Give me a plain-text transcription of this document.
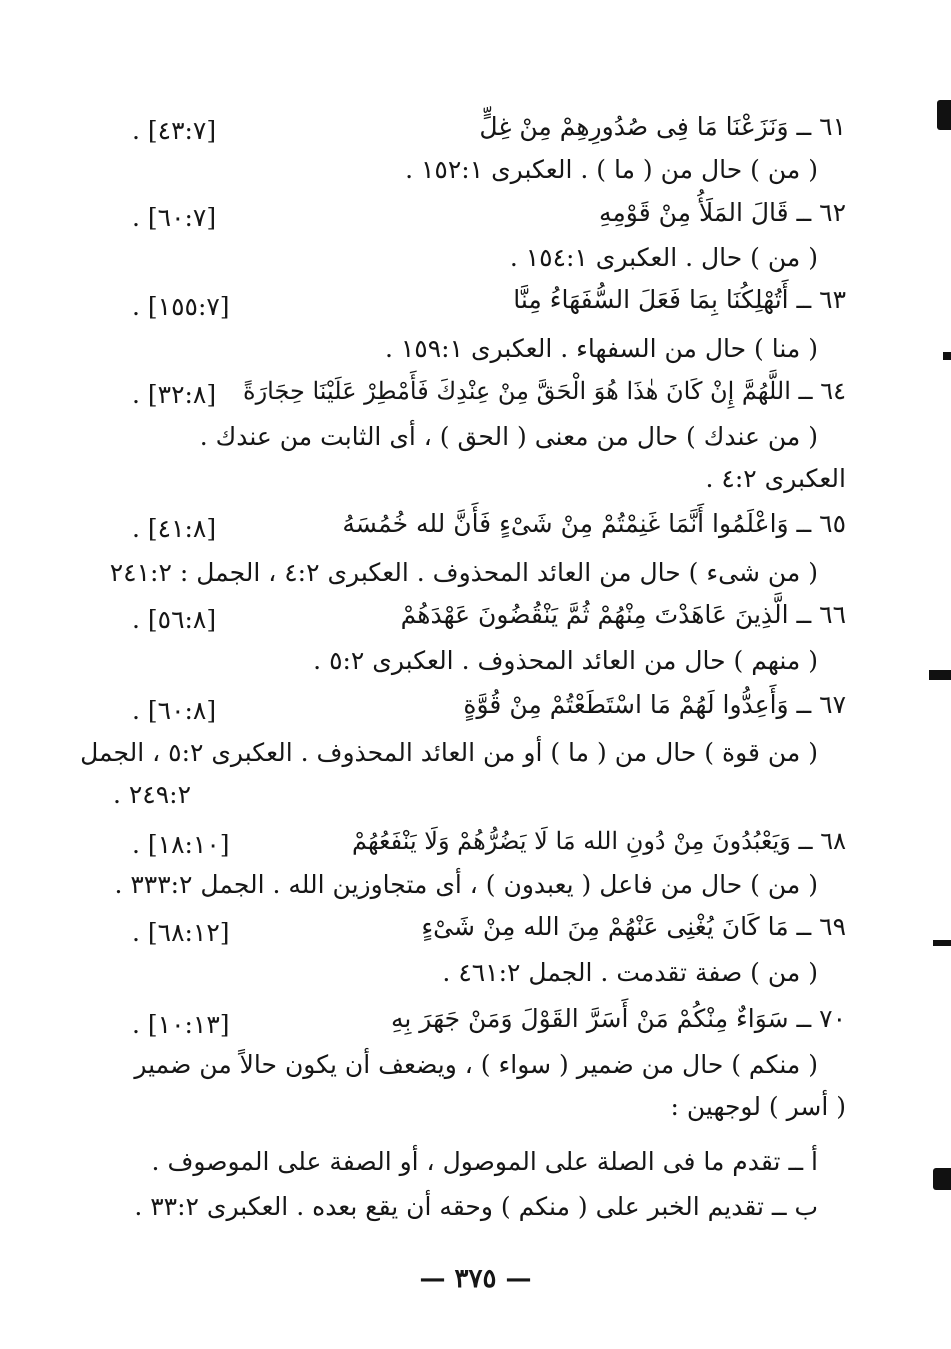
٦١ ــ وَنَزَعْنَا مَا فِى صُدُورِهِمْ مِنْ غِلٍّ
. [٤٣:٧]
( من ) حال من ( ما ) . العكبرى ١٥٢:١ .
٦٢ ــ قَالَ المَلَأُ مِنْ قَوْمِهِ
. [٦٠:٧]
( من ) حال . العكبرى ١٥٤:١ .
٦٣ ــ أَتُهْلِكُنَا بِمَا فَعَلَ السُّفَهَاءُ مِنَّا
. [١٥٥:٧]
( منا ) حال من السفهاء . العكبرى ١٥٩:١ .
٦٤ ــ اللَّهُمَّ إِنْ كَانَ هٰذَا هُوَ الْحَقَّ مِنْ عِنْدِكَ فَأَمْطِرْ عَلَيْنَا حِجَارَةً
. [٣٢:٨]
( من عندك ) حال من معنى ( الحق ) ، أى الثابت من عندك .
العكبرى ٤:٢ .
٦٥ ــ وَاعْلَمُوا أَنَّمَا غَنِمْتُمْ مِنْ شَىْءٍ فَأَنَّ لله خُمُسَهُ
. [٤١:٨]
( من شىء ) حال من العائد المحذوف . العكبرى ٤:٢ ، الجمل : ٢٤١:٢
٦٦ ــ الَّذِينَ عَاهَدْتَ مِنْهُمْ ثُمَّ يَنْقُضُونَ عَهْدَهُمْ
. [٥٦:٨]
( منهم ) حال من العائد المحذوف . العكبرى ٥:٢ .
٦٧ ــ وَأَعِدُّوا لَهُمْ مَا اسْتَطَعْتُمْ مِنْ قُوَّةٍ
. [٦٠:٨]
( من قوة ) حال من ( ما ) أو من العائد المحذوف . العكبرى ٥:٢ ، الجمل
٢٤٩:٢ .
٦٨ ــ وَيَعْبُدُونَ مِنْ دُونِ الله مَا لَا يَضُرُّهُمْ وَلَا يَنْفَعُهُمْ
. [١٨:١٠]
( من ) حال من فاعل ( يعبدون ) ، أى متجاوزين الله . الجمل ٣٣٣:٢ .
٦٩ ــ مَا كَانَ يُغْنِى عَنْهُمْ مِنَ الله مِنْ شَىْءٍ
. [٦٨:١٢]
( من ) صفة تقدمت . الجمل ٤٦١:٢ .
٧٠ ــ سَوَاءٌ مِنْكُمْ مَنْ أَسَرَّ القَوْلَ وَمَنْ جَهَرَ بِهِ
. [١٠:١٣]
( منكم ) حال من ضمير ( سواء ) ، ويضعف أن يكون حالاً من ضمير
( أسر ) لوجهين :
أ ــ تقدم ما فى الصلة على الموصول ، أو الصفة على الموصوف .
ب ــ تقديم الخبر على ( منكم ) وحقه أن يقع بعده . العكبرى ٣٣:٢ .
— ٣٧٥ —
